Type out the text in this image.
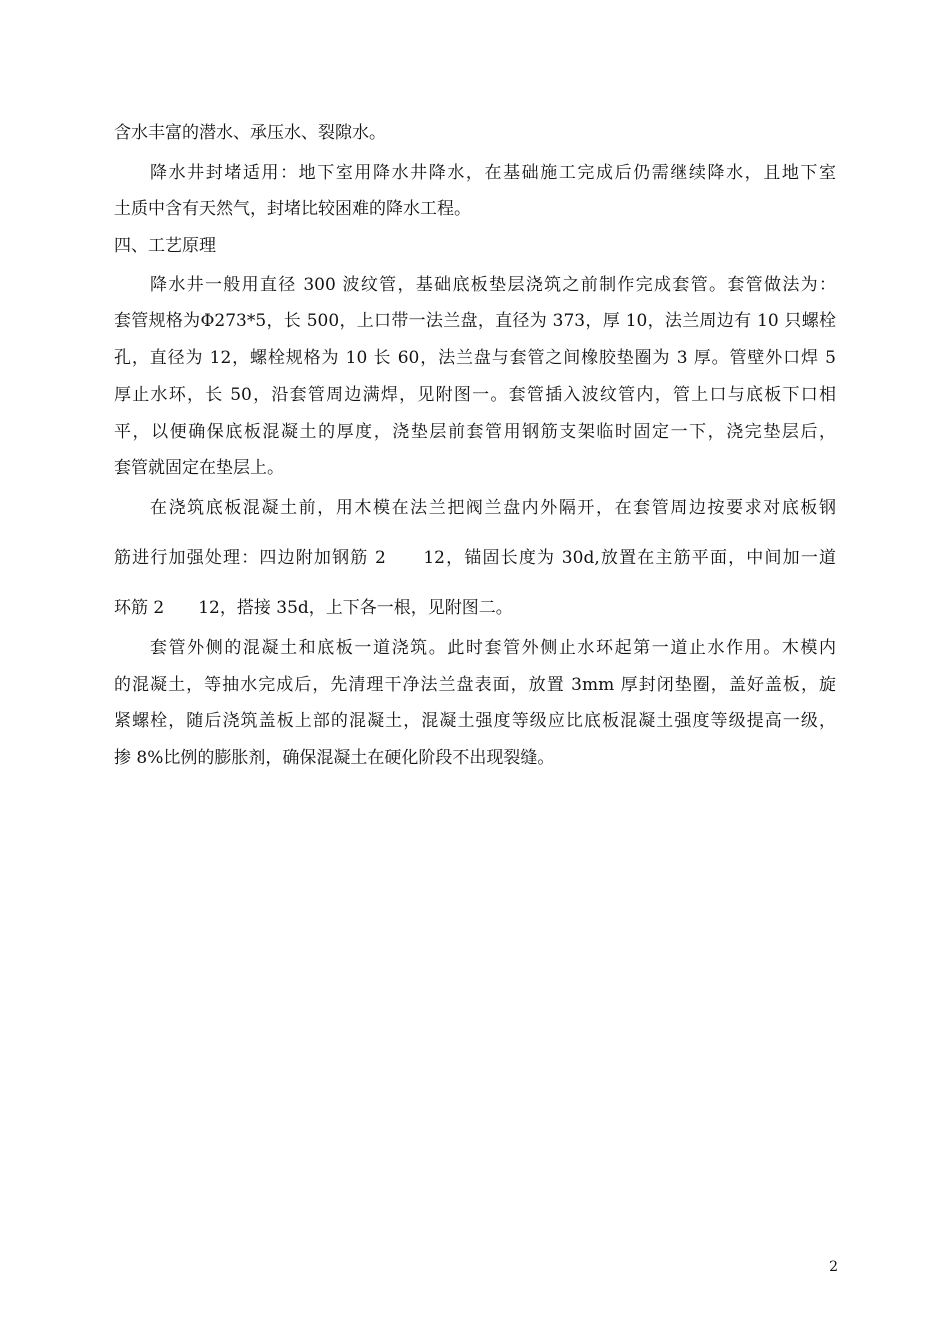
含水丰富的潜水、承压水、裂隙水。
降水井封堵适用：地下室用降水井降水，在基础施工完成后仍需继续降水，且地下室
土质中含有天然气，封堵比较困难的降水工程。
四、工艺原理
降水井一般用直径 300 波纹管，基础底板垫层浇筑之前制作完成套管。套管做法为：
套管规格为Φ273*5，长 500，上口带一法兰盘，直径为 373，厚 10，法兰周边有 10 只螺栓
孔，直径为 12，螺栓规格为 10 长 60，法兰盘与套管之间橡胶垫圈为 3 厚。管壁外口焊 5
厚止水环，长 50，沿套管周边满焊，见附图一。套管插入波纹管内，管上口与底板下口相
平，以便确保底板混凝土的厚度，浇垫层前套管用钢筋支架临时固定一下，浇完垫层后，
套管就固定在垫层上。
在浇筑底板混凝土前，用木模在法兰把阀兰盘内外隔开，在套管周边按要求对底板钢
筋进行加强处理：四边附加钢筋 2　　12，锚固长度为 30d,放置在主筋平面，中间加一道
环筋 2　　12，搭接 35d，上下各一根，见附图二。
套管外侧的混凝土和底板一道浇筑。此时套管外侧止水环起第一道止水作用。木模内
的混凝土，等抽水完成后，先清理干净法兰盘表面，放置 3mm 厚封闭垫圈，盖好盖板，旋
紧螺栓，随后浇筑盖板上部的混凝土，混凝土强度等级应比底板混凝土强度等级提高一级，
掺 8%比例的膨胀剂，确保混凝土在硬化阶段不出现裂缝。
2
